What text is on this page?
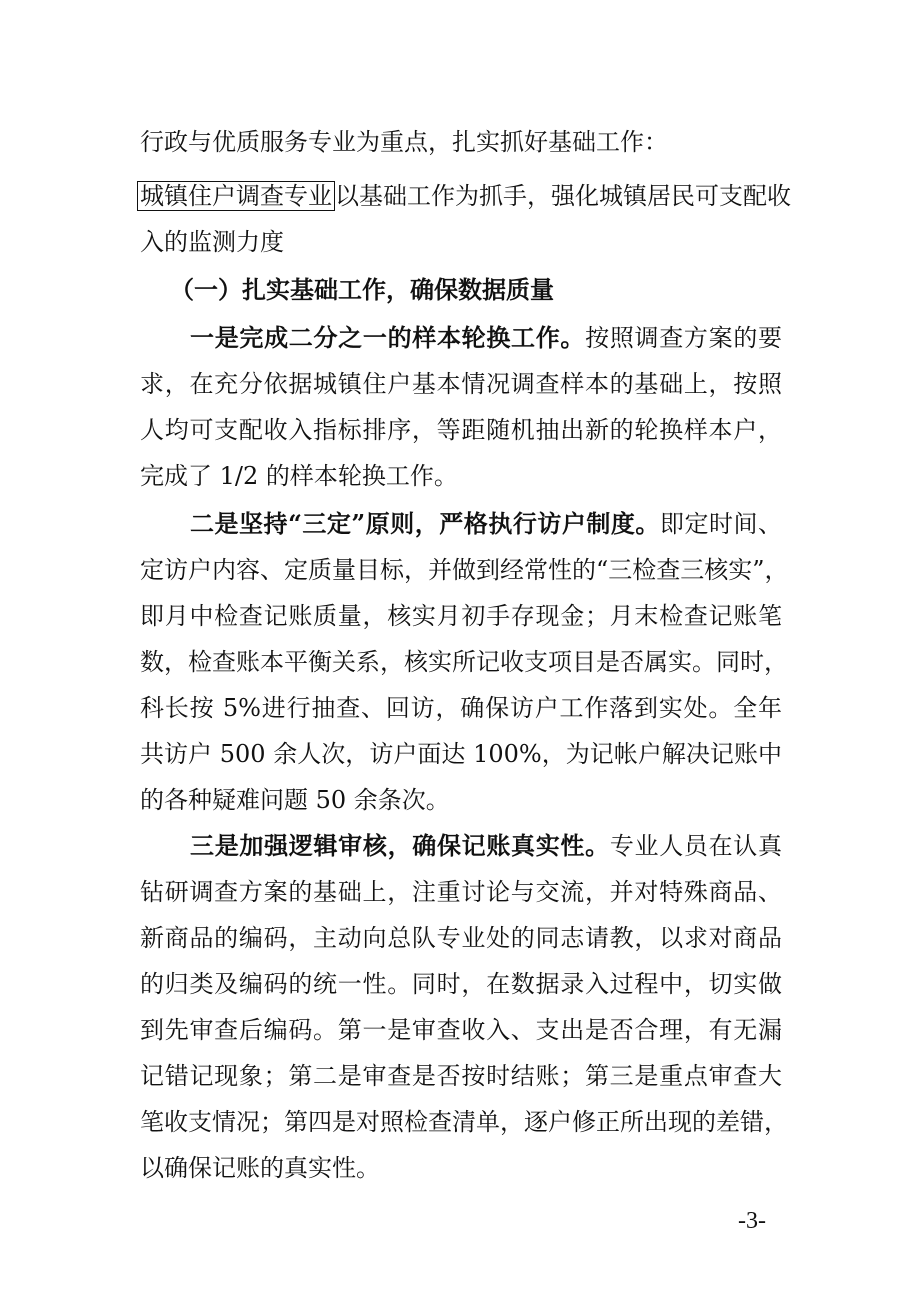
行政与优质服务专业为重点，扎实抓好基础工作：
城镇住户调查专业 以基础工作为抓手，强化城镇居民可支配收
入的监测力度
（一）扎实基础工作，确保数据质量
一是完成二分之一的样本轮换工作。按照调查方案的要
求，在充分依据城镇住户基本情况调查样本的基础上，按照
人均可支配收入指标排序，等距随机抽出新的轮换样本户，
完成了 1/2 的样本轮换工作。
二是坚持“三定”原则，严格执行访户制度。即定时间、
定访户内容、定质量目标，并做到经常性的“三检查三核实”，
即月中检查记账质量，核实月初手存现金；月末检查记账笔
数，检查账本平衡关系，核实所记收支项目是否属实。同时，
科长按 5%进行抽查、回访，确保访户工作落到实处。全年
共访户 500 余人次，访户面达 100%，为记帐户解决记账中
的各种疑难问题 50 余条次。
三是加强逻辑审核，确保记账真实性。专业人员在认真
钻研调查方案的基础上，注重讨论与交流，并对特殊商品、
新商品的编码，主动向总队专业处的同志请教，以求对商品
的归类及编码的统一性。同时，在数据录入过程中，切实做
到先审查后编码。第一是审查收入、支出是否合理，有无漏
记错记现象；第二是审查是否按时结账；第三是重点审查大
笔收支情况；第四是对照检查清单，逐户修正所出现的差错，
以确保记账的真实性。
-3-
